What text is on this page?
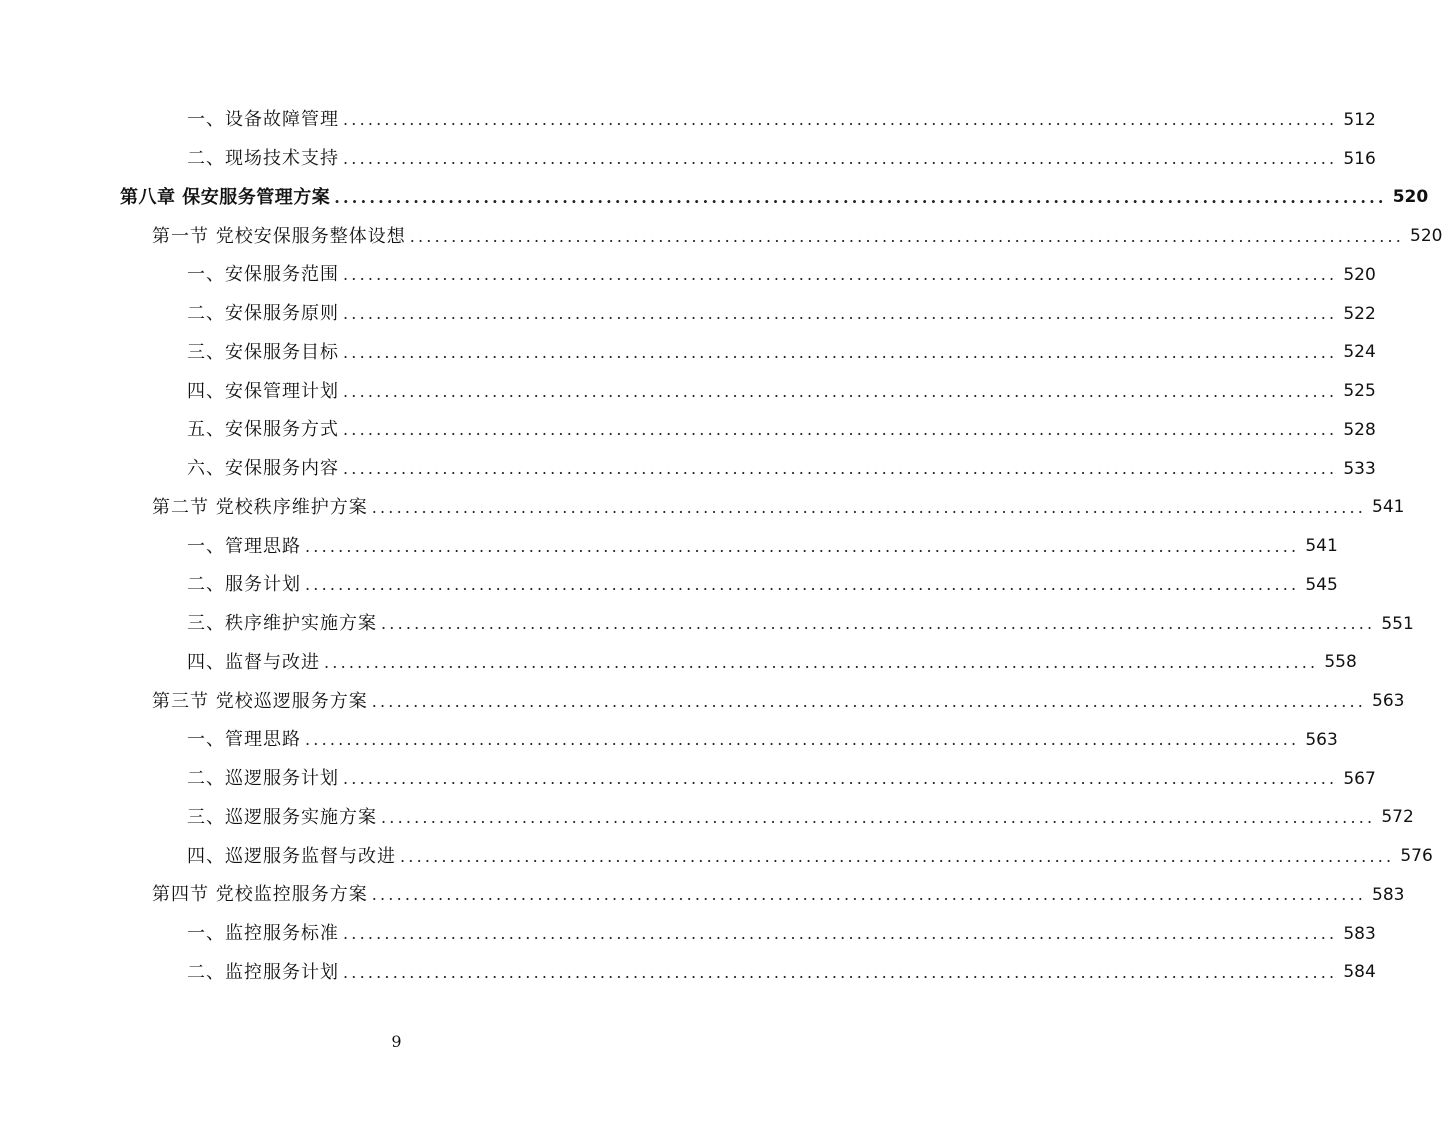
一、设备故障管理 ........................................................................................................................ 512
二、现场技术支持 ........................................................................................................................ 516
第八章 保安服务管理方案 ........................................................................................................................ 520
第一节 党校安保服务整体设想 ........................................................................................................................ 520
一、安保服务范围 ........................................................................................................................ 520
二、安保服务原则 ........................................................................................................................ 522
三、安保服务目标 ........................................................................................................................ 524
四、安保管理计划 ........................................................................................................................ 525
五、安保服务方式 ........................................................................................................................ 528
六、安保服务内容 ........................................................................................................................ 533
第二节 党校秩序维护方案 ........................................................................................................................ 541
一、管理思路 ........................................................................................................................ 541
二、服务计划 ........................................................................................................................ 545
三、秩序维护实施方案 ........................................................................................................................ 551
四、监督与改进 ........................................................................................................................ 558
第三节 党校巡逻服务方案 ........................................................................................................................ 563
一、管理思路 ........................................................................................................................ 563
二、巡逻服务计划 ........................................................................................................................ 567
三、巡逻服务实施方案 ........................................................................................................................ 572
四、巡逻服务监督与改进 ........................................................................................................................ 576
第四节 党校监控服务方案 ........................................................................................................................ 583
一、监控服务标准 ........................................................................................................................ 583
二、监控服务计划 ........................................................................................................................ 584
9
